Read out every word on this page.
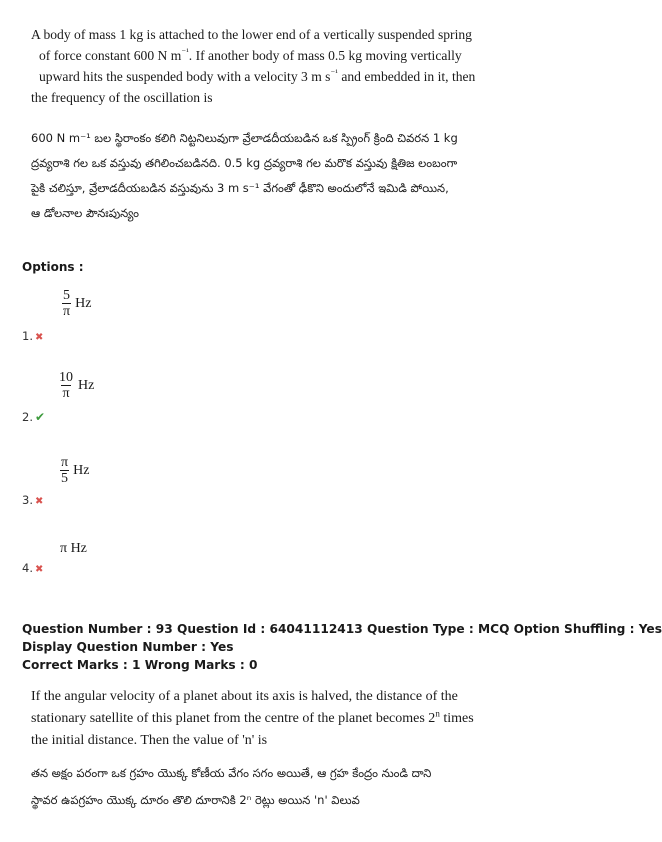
A body of mass 1 kg is attached to the lower end of a vertically suspended spring
of force constant 600 N $m^{^{-1}}$. If another body of mass 0.5 kg moving vertically
upward hits the suspended body with a velocity 3 m $s^{^{-1}}$ and embedded in it, then
the frequency of the oscillation is
600 N m⁻¹ బల స్థిరాంకం కలిగి నిట్టనిలువుగా వ్రేలాడదీయబడిన ఒక స్ప్రింగ్ క్రింది చివరన 1 kg
ద్రవ్యరాశి గల ఒక వస్తువు తగిలించబడినది. 0.5 kg ద్రవ్యరాశి గల మరొక వస్తువు క్షితిజ లంబంగా
పైకి చలిస్తూ, వ్రేలాడదీయబడిన వస్తువును 3 m s⁻¹ వేగంతో ఢీకొని అందులోనే ఇమిడి పోయిన,
ఆ డోలనాల పౌనఃపున్యం
Options :
$\frac{5}{\pi}$ Hz
1. ✖
$\frac{10}{\pi}$ Hz
2. ✔
$\frac{\pi}{5}$ Hz
3. ✖
π Hz
4. ✖
Question Number : 93 Question Id : 64041112413 Question Type : MCQ Option Shuffling : Yes
Display Question Number : Yes
Correct Marks : 1 Wrong Marks : 0
If the angular velocity of a planet about its axis is halved, the distance of the
stationary satellite of this planet from the centre of the planet becomes 2$^n$ times
the initial distance. Then the value of 'n' is
తన అక్షం పరంగా ఒక గ్రహం యొక్క కోణీయ వేగం సగం అయితే, ఆ గ్రహ కేంద్రం నుండి దాని
స్థావర ఉపగ్రహం యొక్క దూరం తొలి దూరానికి 2ⁿ రెట్లు అయిన 'n' విలువ
